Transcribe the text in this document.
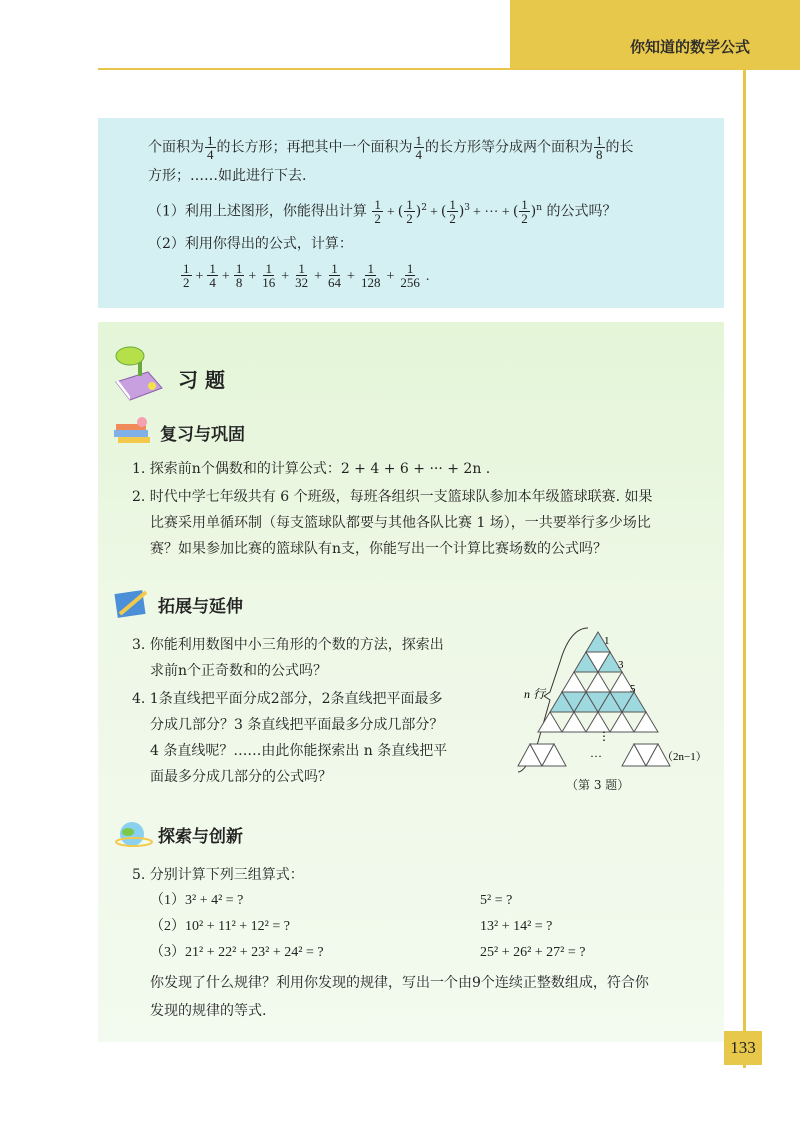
你知道的数学公式
个面积为 $\frac{1}{4}$ 的长方形；再把其中一个面积为 $\frac{1}{4}$ 的长方形等分成两个面积为 $\frac{1}{8}$ 的长
方形；……如此进行下去.
（1）利用上述图形，你能得出计算 $\frac{1}{2}$ + ( $\frac{1}{2} )^2$ + ( $\frac{1}{2} )^3$ + ··· + ( $\frac{1}{2} )^n$ 的公式吗？
（2）利用你得出的公式，计算：
$\frac{1}{2} + \frac{1}{4} + \frac{1}{8} + \frac{1}{16} + \frac{1}{32} + \frac{1}{64} + \frac{1}{128} + \frac{1}{256}$ .
习 题
复习与巩固
1. 探索前n个偶数和的计算公式：2 + 4 + 6 + ··· + 2n .
2. 时代中学七年级共有 6 个班级，每班各组织一支篮球队参加本年级篮球联赛. 如果
比赛采用单循环制（每支篮球队都要与其他各队比赛 1 场），一共要举行多少场比
赛？如果参加比赛的篮球队有n支，你能写出一个计算比赛场数的公式吗？
拓展与延伸
3. 你能利用数图中小三角形的个数的方法，探索出
求前n个正奇数和的公式吗？
4. 1条直线把平面分成2部分，2条直线把平面最多
分成几部分？3 条直线把平面最多分成几部分？
4 条直线呢？……由此你能探索出 n 条直线把平
面最多分成几部分的公式吗？
1
3
5
n 行
⋮
···	（2n−1）
（第 3 题）
探索与创新
5. 分别计算下列三组算式：
（1）3² + 4² = ?	5² = ?
（2）10² + 11² + 12² = ?	13² + 14² = ?
（3）21² + 22² + 23² + 24² = ?	25² + 26² + 27² = ?
你发现了什么规律？利用你发现的规律，写出一个由9个连续正整数组成，符合你
发现的规律的等式.
133
